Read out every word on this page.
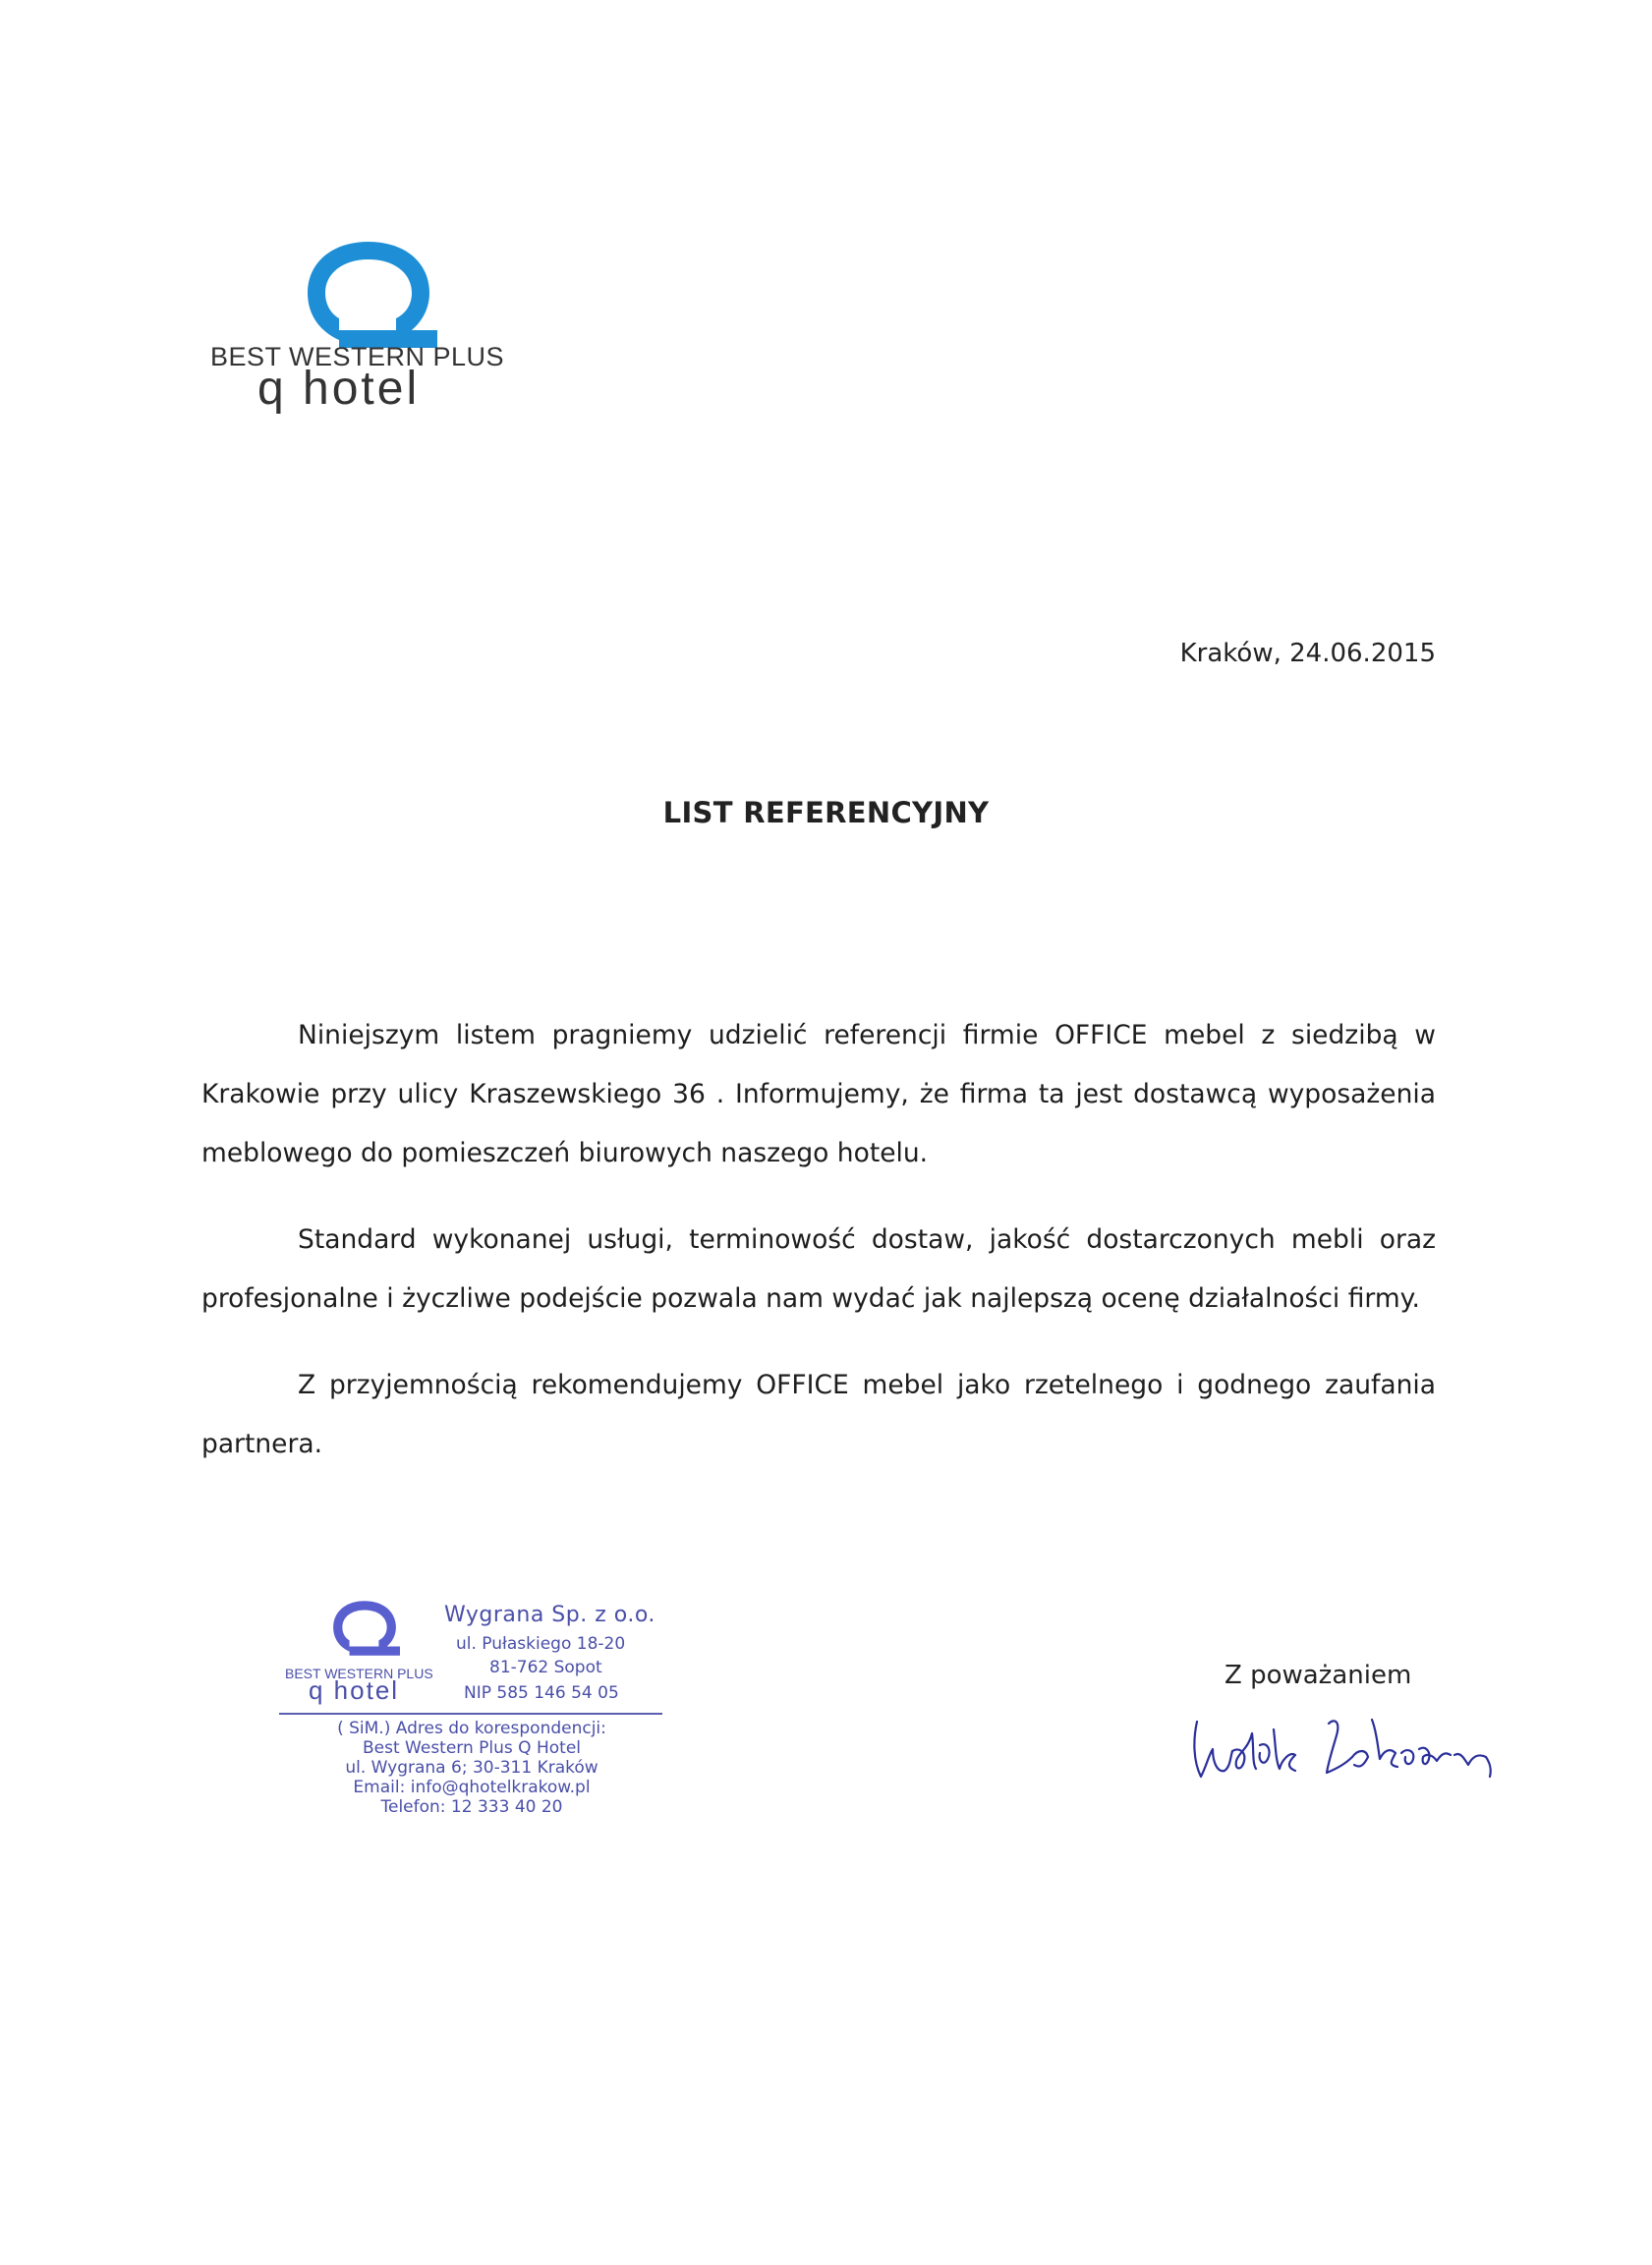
BEST WESTERN PLUS
q hotel
Kraków, 24.06.2015
LIST REFERENCYJNY

Niniejszym listem pragniemy udzielić referencji firmie OFFICE mebel z siedzibą w Krakowie przy ulicy Kraszewskiego 36 . Informujemy, że firma ta jest dostawcą wyposażenia meblowego do pomieszczeń biurowych naszego hotelu.

Standard wykonanej usługi, terminowość dostaw, jakość dostarczonych mebli oraz profesjonalne i życzliwe podejście pozwala nam wydać jak najlepszą ocenę działalności firmy.

Z przyjemnością rekomendujemy OFFICE mebel jako rzetelnego i godnego zaufania partnera.

BEST WESTERN PLUS
q hotel
Wygrana Sp. z o.o.
ul. Pułaskiego 18-20
81-762 Sopot
NIP 585 146 54 05
( SiM.) Adres do korespondencji:
Best Western Plus Q Hotel
ul. Wygrana 6; 30-311 Kraków
Email: info@qhotelkrakow.pl
Telefon: 12 333 40 20
Z poważaniem
